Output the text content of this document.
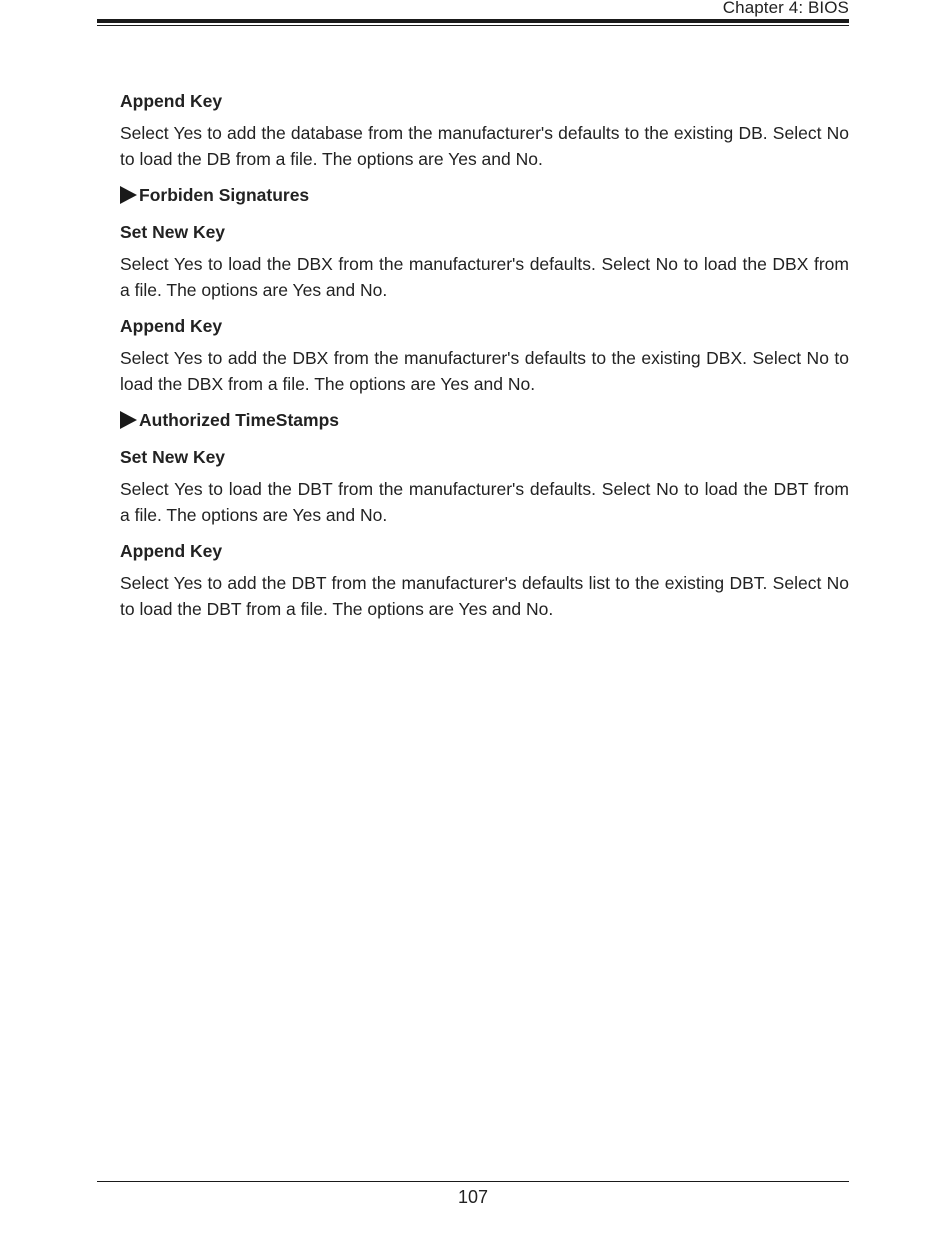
Chapter 4: BIOS

Append Key

Select Yes to add the database from the manufacturer's defaults to the existing DB. Select No to load the DB from a file. The options are Yes and No.

Forbiden Signatures

Set New Key

Select Yes to load the DBX from the manufacturer's defaults. Select No to load the DBX from a file. The options are Yes and No.

Append Key

Select Yes to add the DBX from the manufacturer's defaults to the existing DBX. Select No to load the DBX from a file. The options are Yes and No.

Authorized TimeStamps

Set New Key

Select Yes to load the DBT from the manufacturer's defaults. Select No to load the DBT from a file. The options are Yes and No.

Append Key

Select Yes to add the DBT from the manufacturer's defaults list to the existing DBT. Select No to load the DBT from a file. The options are Yes and No.

107
